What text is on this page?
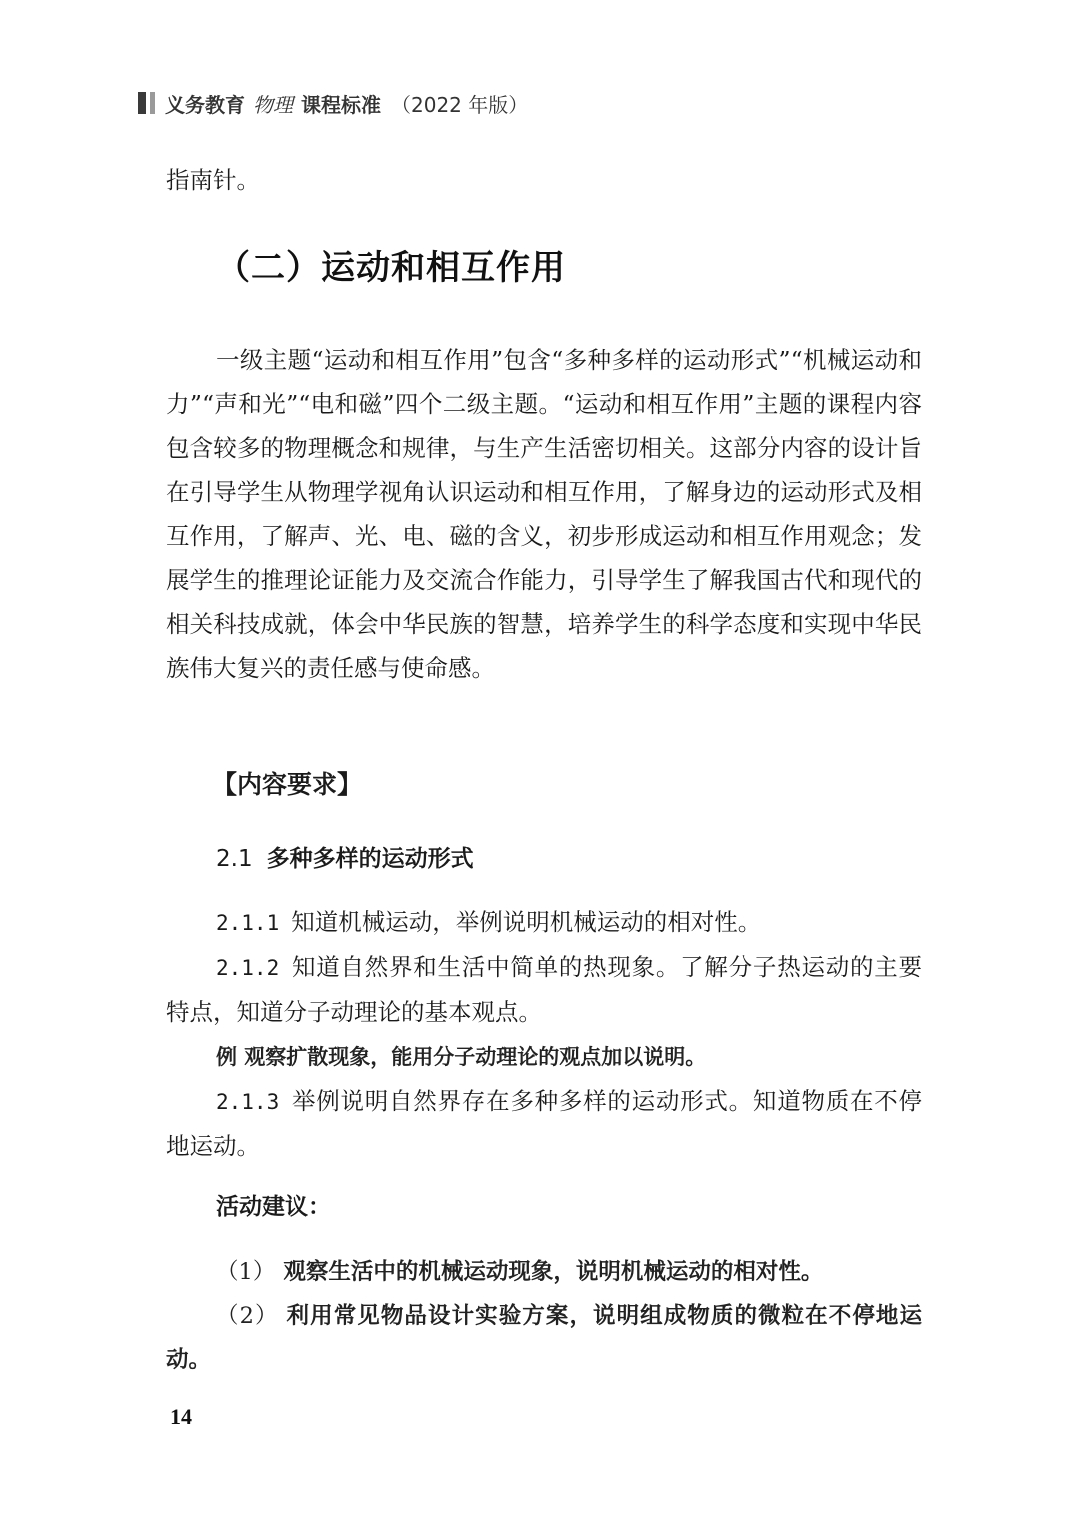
义务教育 物理 课程标准 （2022 年版）
指南针。
（二）运动和相互作用
一级主题“运动和相互作用”包含“多种多样的运动形式”“机械运动和力”“声和光”“电和磁”四个二级主题。“运动和相互作用”主题的课程内容包含较多的物理概念和规律，与生产生活密切相关。这部分内容的设计旨在引导学生从物理学视角认识运动和相互作用，了解身边的运动形式及相互作用，了解声、光、电、磁的含义，初步形成运动和相互作用观念；发展学生的推理论证能力及交流合作能力，引导学生了解我国古代和现代的相关科技成就，体会中华民族的智慧，培养学生的科学态度和实现中华民族伟大复兴的责任感与使命感。
【内容要求】
2.1 多种多样的运动形式

2.1.1 知道机械运动，举例说明机械运动的相对性。

2.1.2 知道自然界和生活中简单的热现象。了解分子热运动的主要特点，知道分子动理论的基本观点。

例 观察扩散现象，能用分子动理论的观点加以说明。

2.1.3 举例说明自然界存在多种多样的运动形式。知道物质在不停地运动。

活动建议：

（1） 观察生活中的机械运动现象，说明机械运动的相对性。

（2） 利用常见物品设计实验方案，说明组成物质的微粒在不停地运动。

14
